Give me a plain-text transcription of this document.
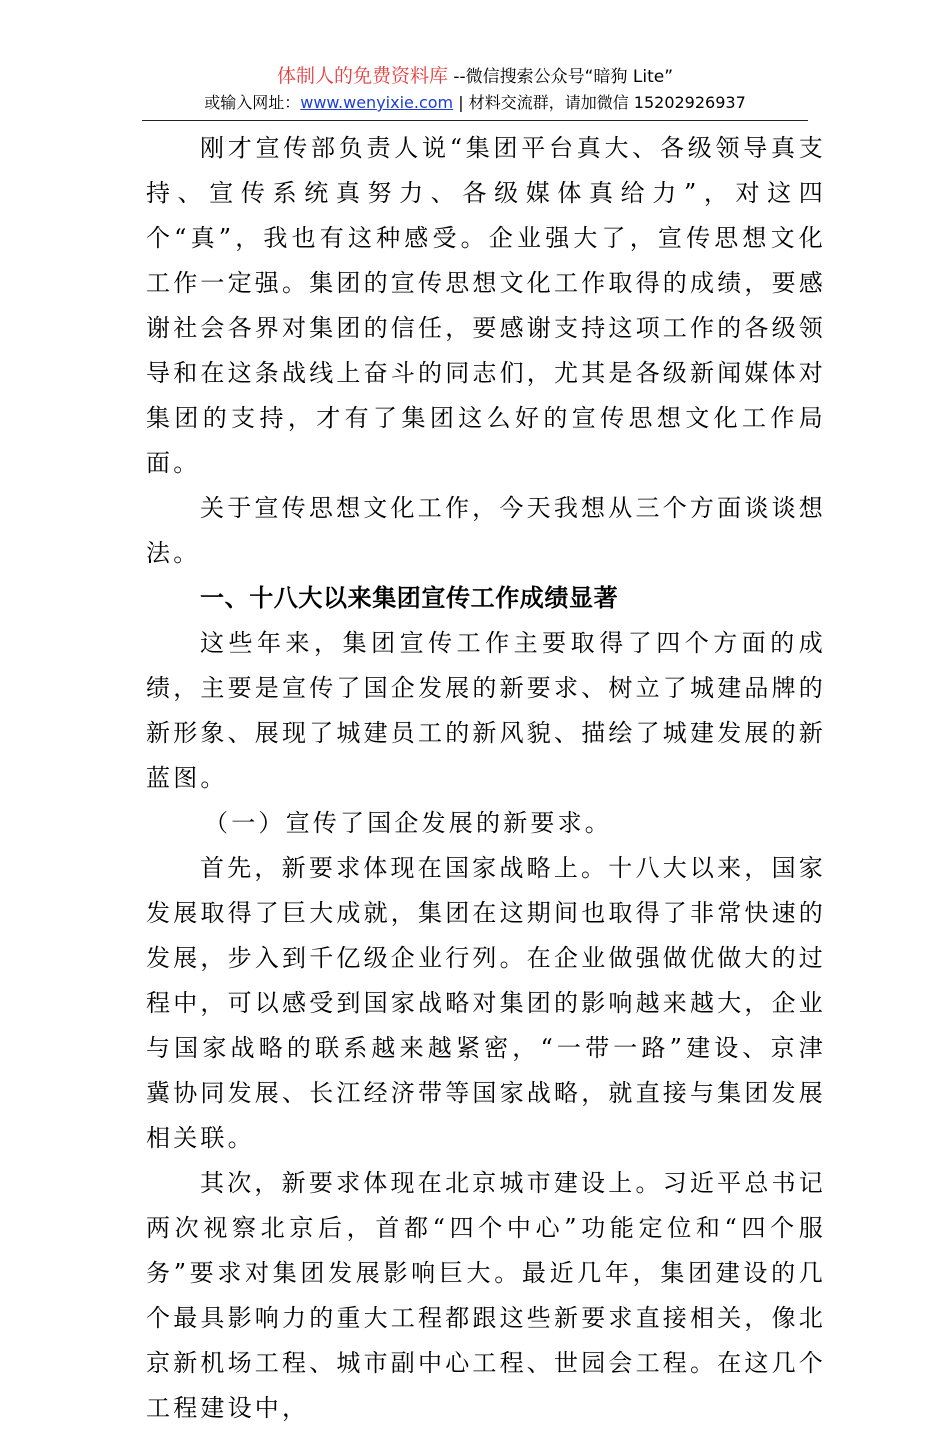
体制人的免费资料库 --微信搜索公众号“暗狗 Lite”
或输入网址：www.wenyixie.com | 材料交流群，请加微信 15202926937

刚才宣传部负责人说“集团平台真大、各级领导真支持、宣传系统真努力、各级媒体真给力”，对这四个“真”，我也有这种感受。企业强大了，宣传思想文化工作一定强。集团的宣传思想文化工作取得的成绩，要感谢社会各界对集团的信任，要感谢支持这项工作的各级领导和在这条战线上奋斗的同志们，尤其是各级新闻媒体对集团的支持，才有了集团这么好的宣传思想文化工作局面。

关于宣传思想文化工作，今天我想从三个方面谈谈想法。

一、十八大以来集团宣传工作成绩显著

这些年来，集团宣传工作主要取得了四个方面的成绩，主要是宣传了国企发展的新要求、树立了城建品牌的新形象、展现了城建员工的新风貌、描绘了城建发展的新蓝图。

（一）宣传了国企发展的新要求。

首先，新要求体现在国家战略上。十八大以来，国家发展取得了巨大成就，集团在这期间也取得了非常快速的发展，步入到千亿级企业行列。在企业做强做优做大的过程中，可以感受到国家战略对集团的影响越来越大，企业与国家战略的联系越来越紧密，“一带一路”建设、京津冀协同发展、长江经济带等国家战略，就直接与集团发展相关联。

其次，新要求体现在北京城市建设上。习近平总书记两次视察北京后，首都“四个中心”功能定位和“四个服务”要求对集团发展影响巨大。最近几年，集团建设的几个最具影响力的重大工程都跟这些新要求直接相关，像北京新机场工程、城市副中心工程、世园会工程。在这几个工程建设中，
